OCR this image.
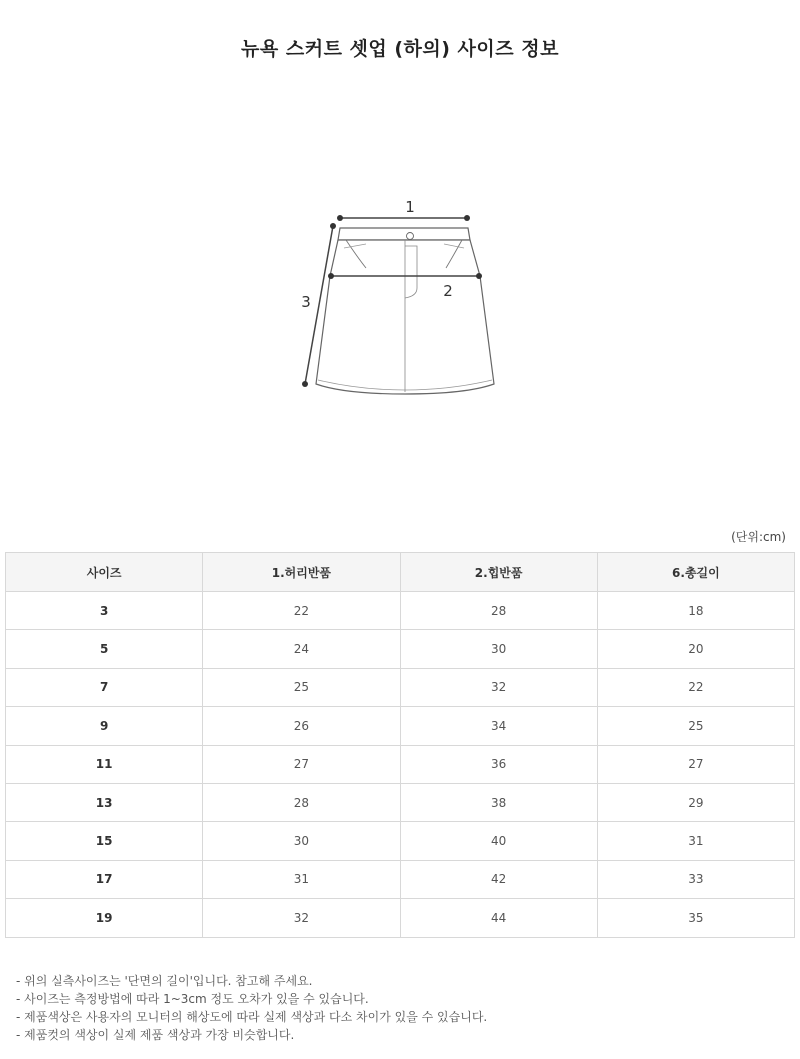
뉴욕 스커트 셋업 (하의) 사이즈 정보
1
2
3
(단위:cm)
사이즈	1.허리반품	2.힙반품	6.총길이
3	22	28	18
5	24	30	20
7	25	32	22
9	26	34	25
11	27	36	27
13	28	38	29
15	30	40	31
17	31	42	33
19	32	44	35
- 위의 실측사이즈는 '단면의 길이'입니다. 참고해 주세요.
- 사이즈는 측정방법에 따라 1~3cm 정도 오차가 있을 수 있습니다.
- 제품색상은 사용자의 모니터의 해상도에 따라 실제 색상과 다소 차이가 있을 수 있습니다.
- 제품컷의 색상이 실제 제품 색상과 가장 비슷합니다.
